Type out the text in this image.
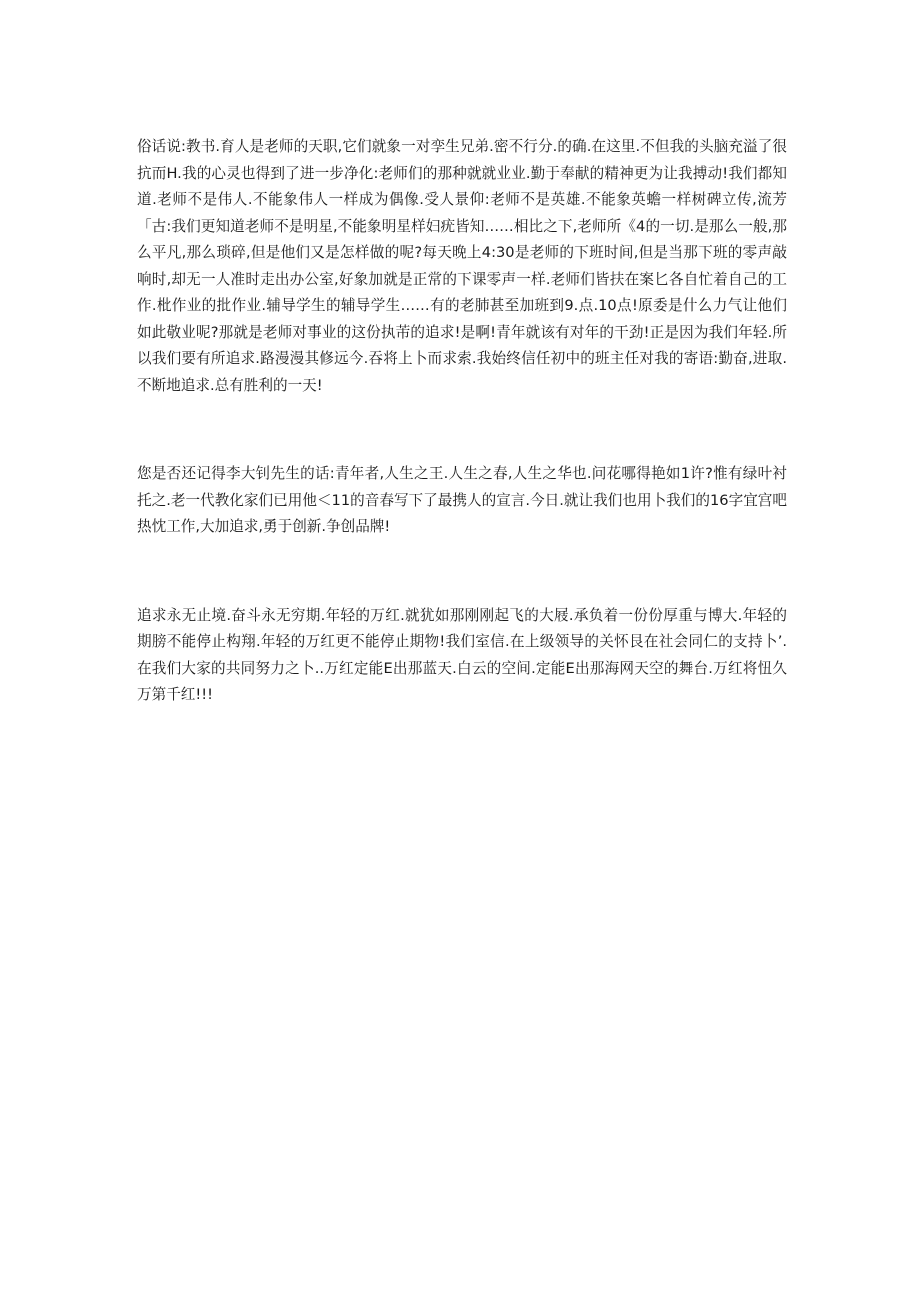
俗话说:教书.育人是老师的天职,它们就象一对孪生兄弟.密不行分.的确.在这里.不但我的头脑充溢了很抗而H.我的心灵也得到了进一步净化:老师们的那种就就业业.勤于奉献的精神更为让我搏动!我们都知道.老师不是伟人.不能象伟人一样成为偶像.受人景仰:老师不是英雄.不能象英蟾一样树碑立传,流芳「古:我们更知道老师不是明星,不能象明星样妇疣皆知……相比之下,老师所《4的一切.是那么一般,那么平凡,那么琐碎,但是他们又是怎样做的呢?每天晚上4:30是老师的下班时间,但是当那下班的零声敲响时,却无一人准时走出办公室,好象加就是正常的下课零声一样.老师们皆扶在案匕各自忙着自己的工作.枇作业的批作业.辅导学生的辅导学生……有的老肺甚至加班到9.点.10点!原委是什么力气让他们如此敬业呢?那就是老师对事业的这份执芾的追求!是啊!青年就该有对年的干劲!正是因为我们年轻.所以我们要有所追求.路漫漫其修远今.吞将上卜而求索.我始终信任初中的班主任对我的寄语:勤奋,进取.不断地追求.总有胜利的一天!

您是否还记得李大钊先生的话:青年者,人生之王.人生之春,人生之华也.问花哪得艳如1许?惟有绿叶衬托之.老一代教化家们已用他＜11的音春写下了最携人的宣言.今日.就让我们也用卜我们的16字宜宫吧热忱工作,大加追求,勇于创新.争创品牌!

追求永无止境.奋斗永无穷期.年轻的万红.就犹如那刚刚起飞的大屐.承负着一份份厚重与博大.年轻的期膀不能停止构翔.年轻的万红更不能停止期物!我们室信.在上级领导的关怀艮在社会同仁的支持卜’.在我们大家的共同努力之卜..万红定能E出那蓝天.白云的空间.定能E出那海网天空的舞台.万红将忸久万第千红!!!
